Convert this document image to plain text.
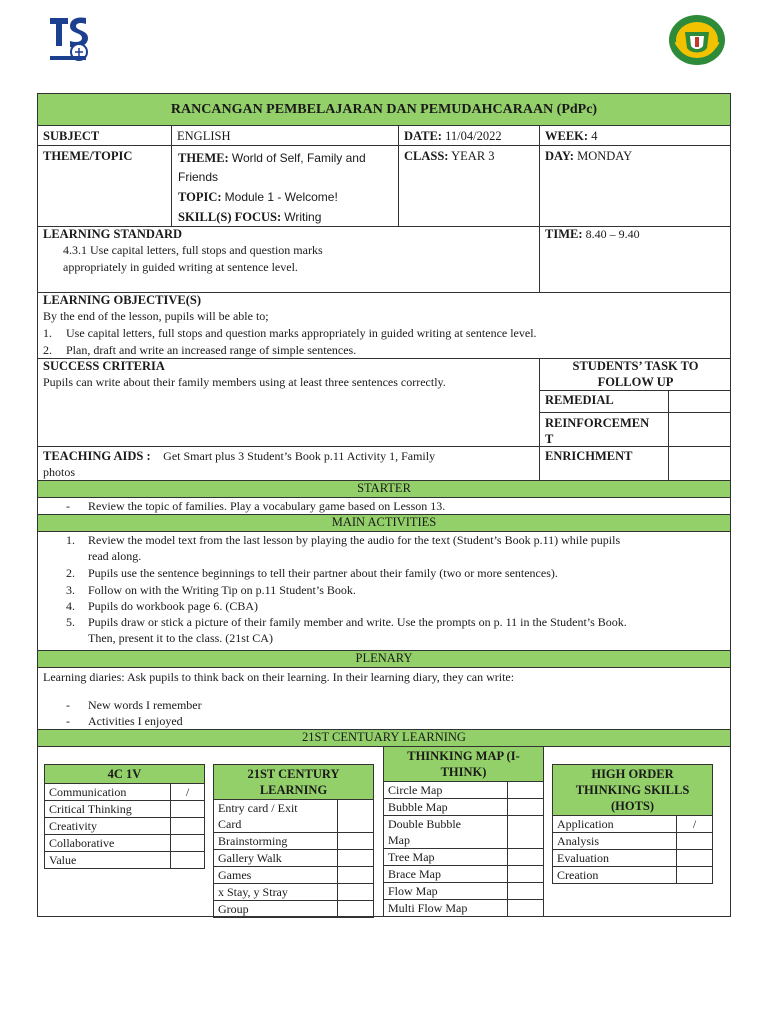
RANCANGAN PEMBELAJARAN DAN PEMUDAHCARAAN (PdPc)
SUBJECT	ENGLISH	DATE: 11/04/2022	WEEK: 4
THEME/TOPIC	THEME: World of Self, Family and
Friends
TOPIC: Module 1 - Welcome!
SKILL(S) FOCUS: Writing
CLASS: YEAR 3	DAY: MONDAY
LEARNING STANDARD
4.3.1 Use capital letters, full stops and question marks
appropriately in guided writing at sentence level.
TIME: 8.40 – 9.40
LEARNING OBJECTIVE(S)
By the end of the lesson, pupils will be able to;
1. Use capital letters, full stops and question marks appropriately in guided writing at sentence level.
2. Plan, draft and write an increased range of simple sentences.
SUCCESS CRITERIA
Pupils can write about their family members using at least three sentences correctly.
STUDENTS’ TASK TO
FOLLOW UP
REMEDIAL
REINFORCEMEN
T
TEACHING AIDS : Get Smart plus 3 Student’s Book p.11 Activity 1, Family
photos
ENRICHMENT
STARTER
- Review the topic of families. Play a vocabulary game based on Lesson 13.
MAIN ACTIVITIES
1. Review the model text from the last lesson by playing the audio for the text (Student’s Book p.11) while pupils
read along.
2. Pupils use the sentence beginnings to tell their partner about their family (two or more sentences).
3. Follow on with the Writing Tip on p.11 Student’s Book.
4. Pupils do workbook page 6. (CBA)
5. Pupils draw or stick a picture of their family member and write. Use the prompts on p. 11 in the Student’s Book.
Then, present it to the class. (21st CA)
PLENARY
Learning diaries: Ask pupils to think back on their learning. In their learning diary, they can write:
- New words I remember
- Activities I enjoyed
21ST CENTUARY LEARNING
4C 1V	
Communication	/
Critical Thinking	
Creativity	
Collaborative	
Value	
21ST CENTURY
LEARNING	
Entry card / Exit
Card	
Brainstorming	
Gallery Walk	
Games	
x Stay, y Stray	
Group	
THINKING MAP (I-
THINK)	
Circle Map	
Bubble Map	
Double Bubble
Map	
Tree Map	
Brace Map	
Flow Map	
Multi Flow Map	
HIGH ORDER
THINKING SKILLS
(HOTS)	
Application	/
Analysis	
Evaluation	
Creation	
